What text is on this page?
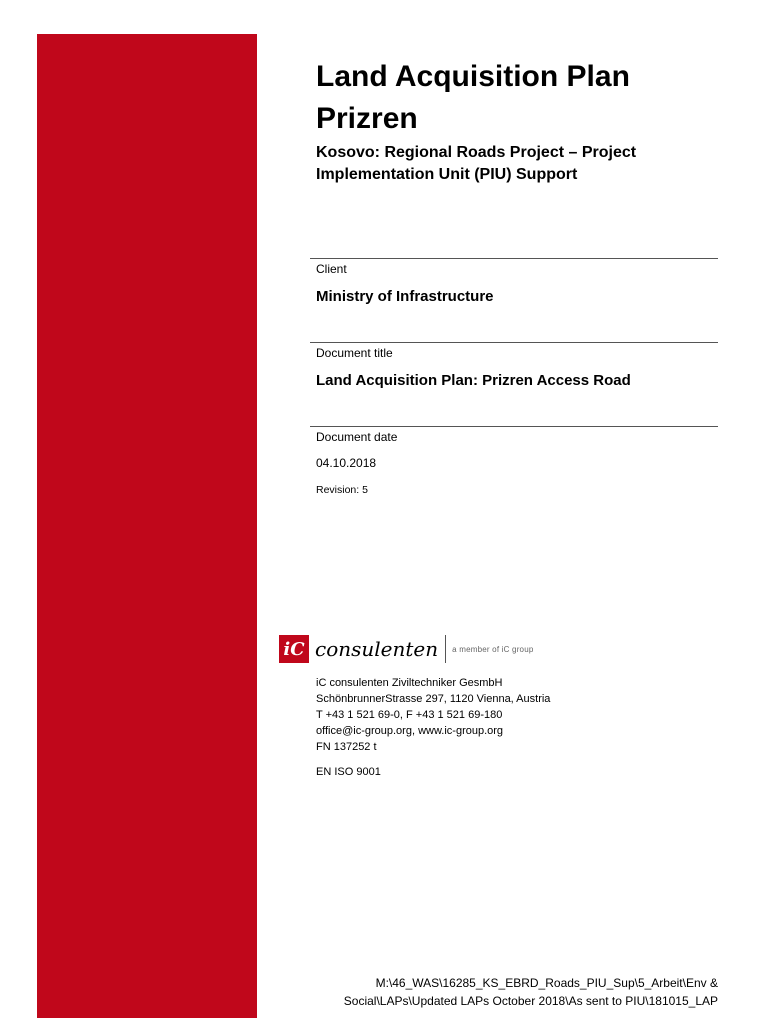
Land Acquisition Plan
Prizren
Kosovo: Regional Roads Project – Project
Implementation Unit (PIU) Support
Client
Ministry of Infrastructure
Document title
Land Acquisition Plan: Prizren Access Road
Document date
04.10.2018
Revision: 5
iC consulenten a member of iC group
iC consulenten Ziviltechniker GesmbH
SchönbrunnerStrasse 297, 1120 Vienna, Austria
T +43 1 521 69-0, F +43 1 521 69-180
office@ic-group.org, www.ic-group.org
FN 137252 t
EN ISO 9001
M:\46_WAS\16285_KS_EBRD_Roads_PIU_Sup\5_Arbeit\Env &
Social\LAPs\Updated LAPs October 2018\As sent to PIU\181015_LAP
